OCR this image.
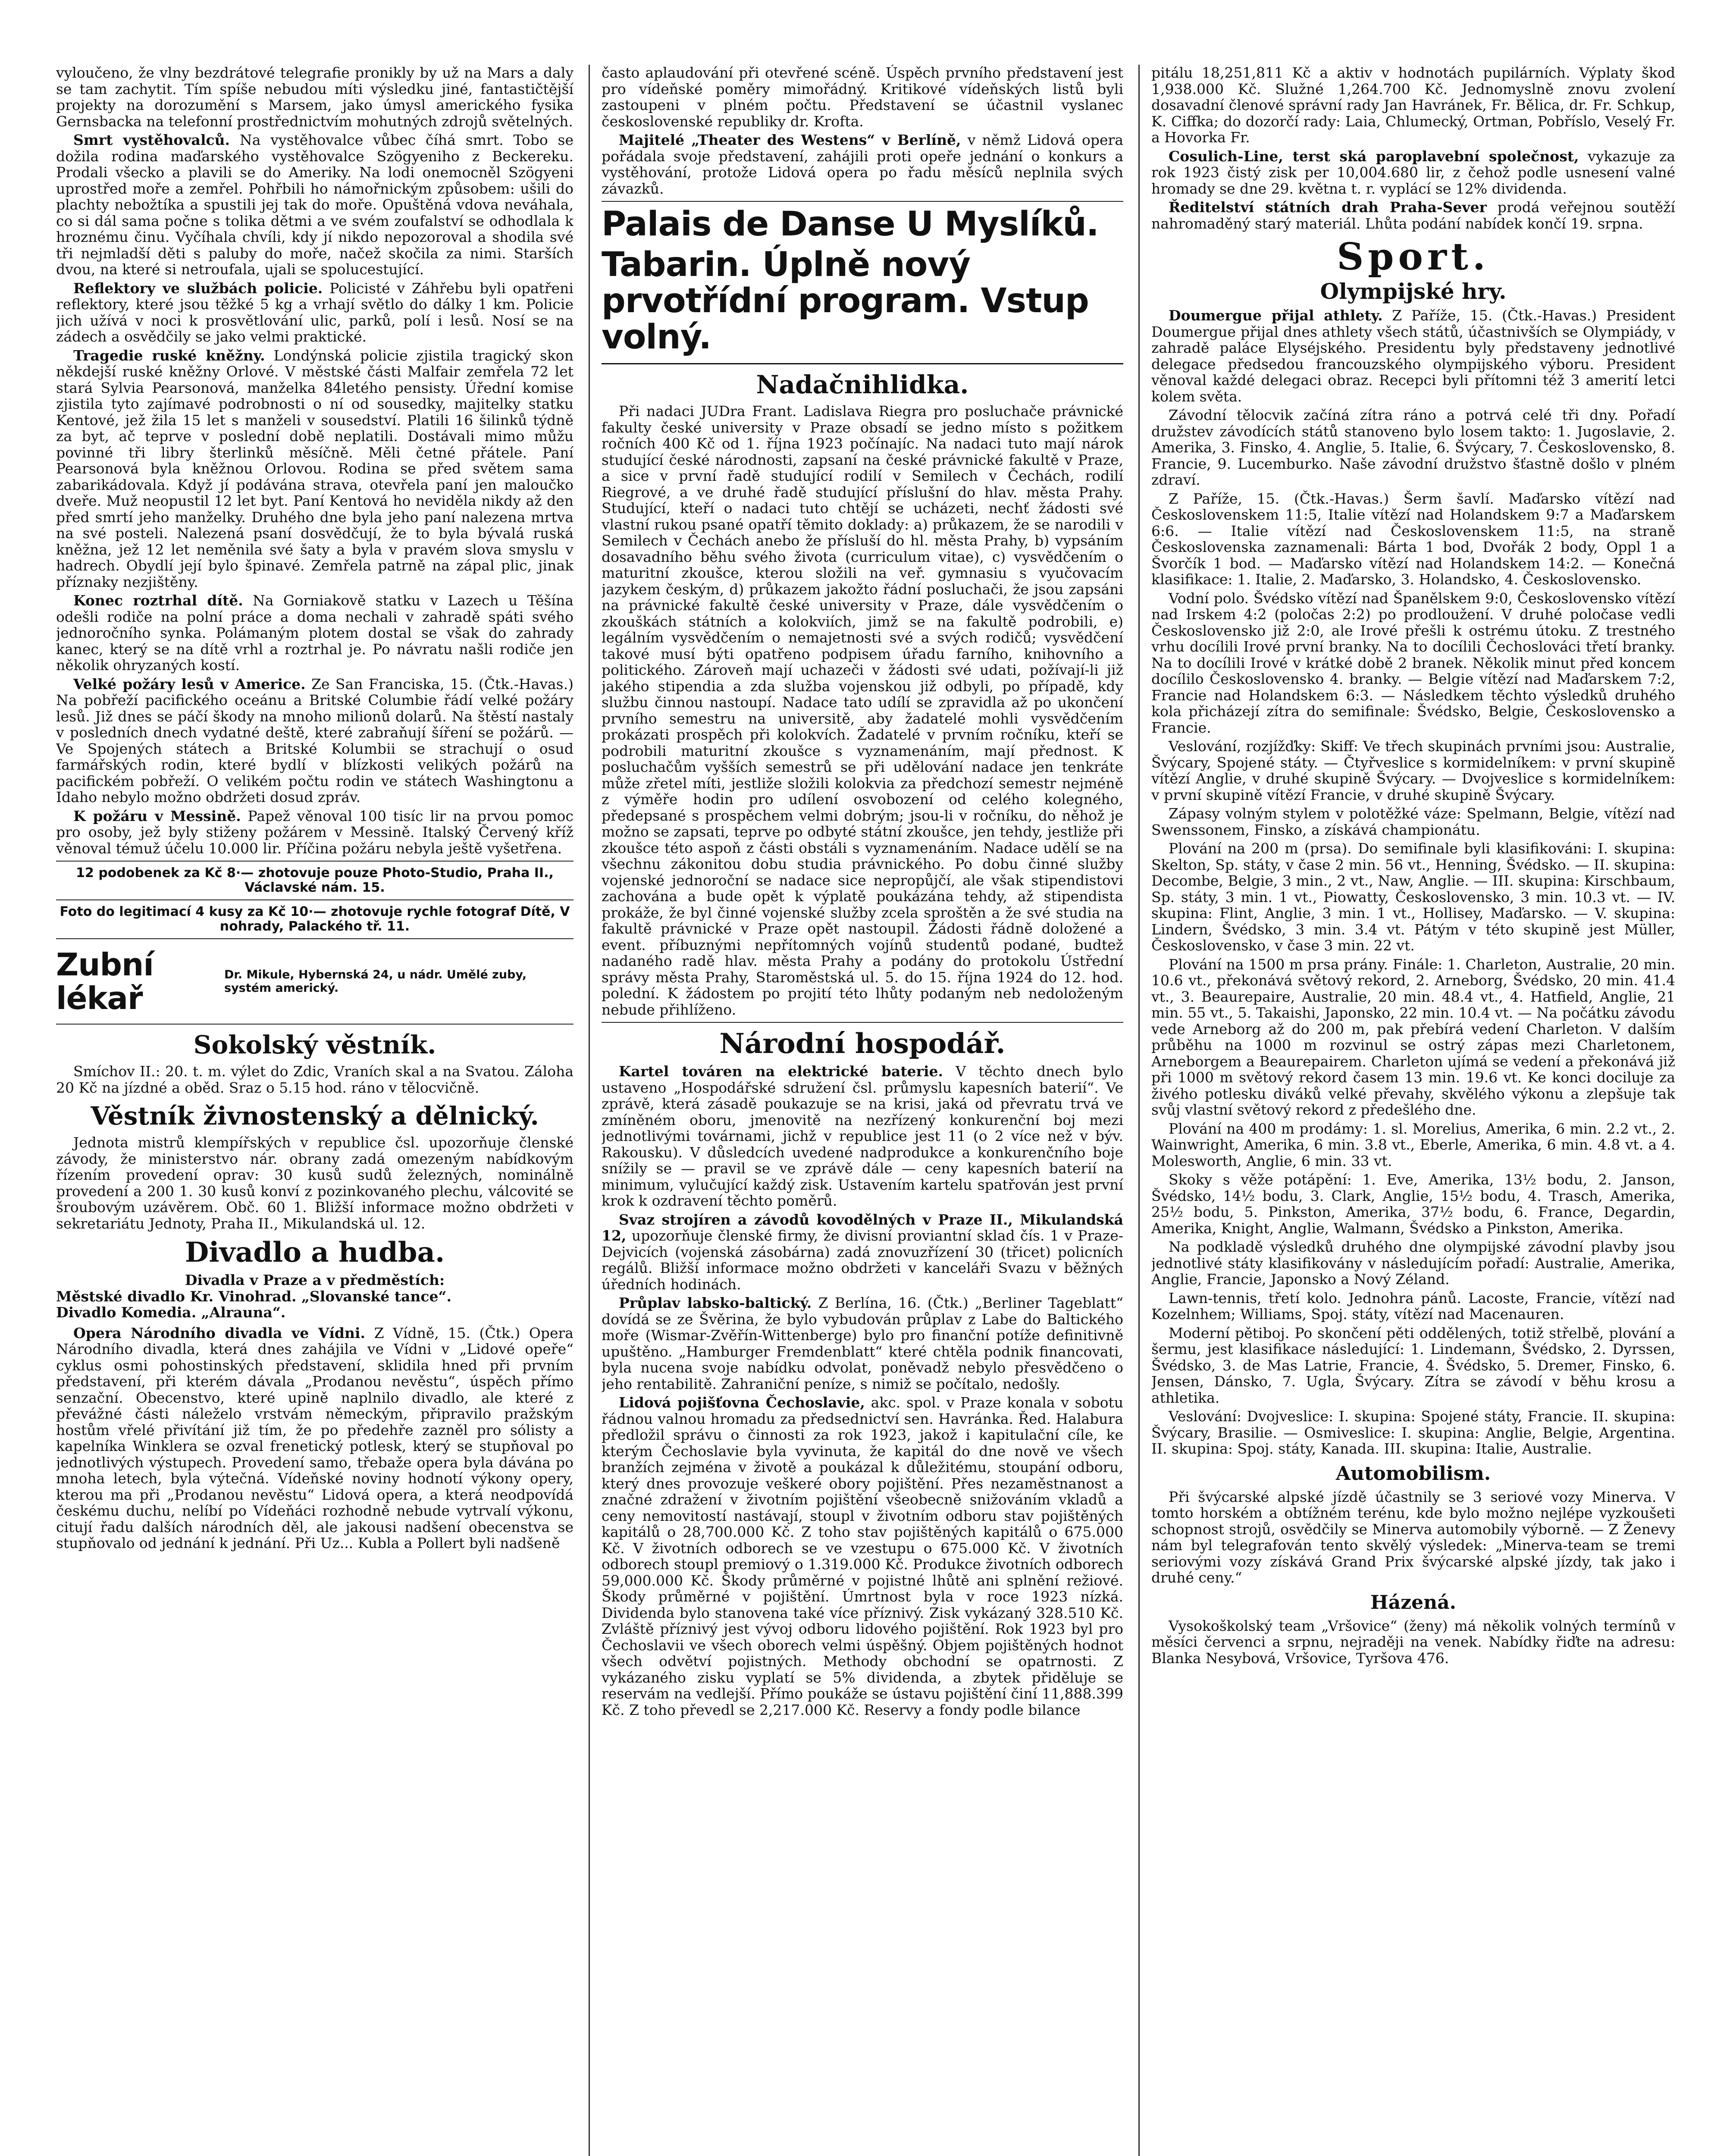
vyloučeno, že vlny bezdrátové telegrafie pronikly by už na Mars a daly se tam zachytit. Tím spíše nebudou míti výsledku jiné, fantastičtější projekty na dorozumění s Marsem, jako úmysl amerického fysika Gernsbacka na telefonní prostřednictvím mohutných zdrojů světelných.

Smrt vystěhovalců. Na vystěhovalce vůbec číhá smrt. Tobo se dožila rodina maďarského vystěhovalce Szögyeniho z Beckereku. Prodali všecko a plavili se do Ameriky. Na lodi onemocněl Szögyeni uprostřed moře a zemřel. Pohřbili ho námořnickým způsobem: ušili do plachty nebožtíka a spustili jej tak do moře. Opuštěná vdova neváhala, co si dál sama počne s tolika dětmi a ve svém zoufalství se odhodlala k hroznému činu. Vyčíhala chvíli, kdy jí nikdo nepozoroval a shodila své tři nejmladší děti s paluby do moře, načež skočila za nimi. Starších dvou, na které si netroufala, ujali se spolucestující.

Reflektory ve službách policie. Policisté v Záhřebu byli opatřeni reflektory, které jsou těžké 5 kg a vrhají světlo do dálky 1 km. Policie jich užívá v noci k prosvětlování ulic, parků, polí i lesů. Nosí se na zádech a osvědčily se jako velmi praktické.

Tragedie ruské kněžny. Londýnská policie zjistila tragický skon někdejší ruské kněžny Orlové. V městské části Malfair zemřela 72 let stará Sylvia Pearsonová, manželka 84letého pensisty. Úřední komise zjistila tyto zajímavé podrobnosti o ní od sousedky, majitelky statku Kentové, jež žila 15 let s manželi v sousedství. Platili 16 šilinků týdně za byt, ač teprve v poslední době neplatili. Dostávali mimo můžu povinné tři libry šterlinků měsíčně. Měli četné přátele. Paní Pearsonová byla kněžnou Orlovou. Rodina se před světem sama zabarikádovala. Když jí podávána strava, otevřela paní jen maloučko dveře. Muž neopustil 12 let byt. Paní Kentová ho neviděla nikdy až den před smrtí jeho manželky. Druhého dne byla jeho paní nalezena mrtva na své posteli. Nalezená psaní dosvědčují, že to byla bývalá ruská kněžna, jež 12 let neměnila své šaty a byla v pravém slova smyslu v hadrech. Obydlí její bylo špinavé. Zemřela patrně na zápal plic, jinak příznaky nezjištěny.

Konec roztrhal dítě. Na Gorniakově statku v Lazech u Těšína odešli rodiče na polní práce a doma nechali v zahradě spáti svého jednoročního synka. Polámaným plotem dostal se však do zahrady kanec, který se na dítě vrhl a roztrhal je. Po návratu našli rodiče jen několik ohryzaných kostí.

Velké požáry lesů v Americe. Ze San Franciska, 15. (Čtk.-Havas.) Na pobřeží pacifického oceánu a Britské Columbie řádí velké požáry lesů. Již dnes se páčí škody na mnoho milionů dolarů. Na štěstí nastaly v posledních dnech vydatné deště, které zabraňují šíření se požárů. — Ve Spojených státech a Britské Kolumbii se strachují o osud farmářských rodin, které bydlí v blízkosti velikých požárů na pacifickém pobřeží. O velikém počtu rodin ve státech Washingtonu a Idaho nebylo možno obdržeti dosud zpráv.

K požáru v Messině. Papež věnoval 100 tisíc lir na prvou pomoc pro osoby, jež byly stiženy požárem v Messině. Italský Červený kříž věnoval témuž účelu 10.000 lir. Příčina požáru nebyla ještě vyšetřena.

12 podobenek za Kč 8·— zhotovuje pouze Photo-Studio, Praha II., Václavské nám. 15.
Foto do legitimací 4 kusy za Kč 10·— zhotovuje rychle fotograf Dítě, V nohrady, Palackého tř. 11.
Zubní lékař
Dr. Mikule, Hybernská 24, u nádr. Umělé zuby, systém americký.
Sokolský věstník.

Smíchov II.: 20. t. m. výlet do Zdic, Vraních skal a na Svatou. Záloha 20 Kč na jízdné a oběd. Sraz o 5.15 hod. ráno v tělocvičně.

Věstník živnostenský a dělnický.

Jednota mistrů klempířských v republice čsl. upozorňuje členské závody, že ministerstvo nár. obrany zadá omezeným nabídkovým řízením provedení oprav: 30 kusů sudů železných, nominálně provedení a 200 1. 30 kusů konví z pozinkovaného plechu, válcovité se šroubovým uzávěrem. Obč. 60 1. Bližší informace možno obdržeti v sekretariátu Jednoty, Praha II., Mikulandská ul. 12.

Divadlo a hudba.
Divadla v Praze a v předměstích:
Městské divadlo Kr. Vinohrad. „Slovanské tance“.
Divadlo Komedia. „Alrauna“.

Opera Národního divadla ve Vídni. Z Vídně, 15. (Čtk.) Opera Národního divadla, která dnes zahájila ve Vídni v „Lidové opeře“ cyklus osmi pohostinských představení, sklidila hned při prvním představení, při kterém dávala „Prodanou nevěstu“, úspěch přímo senzační. Obecenstvo, které upině naplnilo divadlo, ale které z převážné části náleželo vrstvám německým, připravilo pražským hostům vřelé přivítání již tím, že po předehře zazněl pro sólisty a kapelníka Winklera se ozval frenetický potlesk, který se stupňoval po jednotlivých výstupech. Provedení samo, třebaže opera byla dávána po mnoha letech, byla výtečná. Vídeňské noviny hodnotí výkony opery, kterou ma při „Prodanou nevěstu“ Lidová opera, a která neodpovídá českému duchu, nelíbí po Vídeňáci rozhodně nebude vytrvalí výkonu, citují řadu dalších národních děl, ale jakousi nadšení obecenstva se stupňovalo od jednání k jednání. Při Uz... Kubla a Pollert byli nadšeně

často aplaudování při otevřené scéně. Úspěch prvního představení jest pro vídeňské poměry mimořádný. Kritikové vídeňských listů byli zastoupeni v plném počtu. Představení se účastnil vyslanec československé republiky dr. Krofta.

Majitelé „Theater des Westens“ v Berlíně, v němž Lidová opera pořádala svoje představení, zahájili proti opeře jednání o konkurs a vystěhování, protože Lidová opera po řadu měsíců neplnila svých závazků.

Palais de Danse U Myslíků.
Tabarin. Úplně nový prvotřídní program. Vstup volný.
Nadačnihlidka.

Při nadaci JUDra Frant. Ladislava Riegra pro posluchače právnické fakulty české university v Praze obsadí se jedno místo s požitkem ročních 400 Kč od 1. října 1923 počínajíc. Na nadaci tuto mají nárok studující české národnosti, zapsaní na české právnické fakultě v Praze, a sice v první řadě studující rodilí v Semilech v Čechách, rodilí Riegrové, a ve druhé řadě studující příslušní do hlav. města Prahy. Studující, kteří o nadaci tuto chtějí se ucházeti, nechť žádosti své vlastní rukou psané opatří těmito doklady: a) průkazem, že se narodili v Semilech v Čechách anebo že přísluší do hl. města Prahy, b) vypsáním dosavadního běhu svého života (curriculum vitae), c) vysvědčením o maturitní zkoušce, kterou složili na veř. gymnasiu s vyučovacím jazykem českým, d) průkazem jakožto řádní posluchači, že jsou zapsáni na právnické fakultě české university v Praze, dále vysvědčením o zkouškách státních a kolokviích, jimž se na fakultě podrobili, e) legálním vysvědčením o nemajetnosti své a svých rodičů; vysvědčení takové musí býti opatřeno podpisem úřadu farního, knihovního a politického. Zároveň mají uchazeči v žádosti své udati, požívají-li již jakého stipendia a zda služba vojenskou již odbyli, po případě, kdy službu činnou nastoupí. Nadace tato udílí se zpravidla až po ukončení prvního semestru na universitě, aby žadatelé mohli vysvědčením prokázati prospěch při kolokvích. Žadatelé v prvním ročníku, kteří se podrobili maturitní zkoušce s vyznamenáním, mají přednost. K posluchačům vyšších semestrů se při udělování nadace jen tenkráte může zřetel míti, jestliže složili kolokvia za předchozí semestr nejméně z výměře hodin pro udílení osvobození od celého kolegného, předepsané s prospěchem velmi dobrým; jsou-li v ročníku, do něhož je možno se zapsati, teprve po odbyté státní zkoušce, jen tehdy, jestliže při zkoušce této aspoň z části obstáli s vyznamenáním. Nadace udělí se na všechnu zákonitou dobu studia právnického. Po dobu činné služby vojenské jednoroční se nadace sice nepropůjčí, ale však stipendistovi zachována a bude opět k výplatě poukázána tehdy, až stipendista prokáže, že byl činné vojenské služby zcela sproštěn a že své studia na fakultě právnické v Praze opět nastoupil. Žádosti řádně doložené a event. příbuznými nepřítomných vojínů studentů podané, budtež nadaného radě hlav. města Prahy a podány do protokolu Ústřední správy města Prahy, Staroměstská ul. 5. do 15. října 1924 do 12. hod. polední. K žádostem po projití této lhůty podaným neb nedoloženým nebude přihlíženo.

Národní hospodář.

Kartel továren na elektrické baterie. V těchto dnech bylo ustaveno „Hospodářské sdružení čsl. průmyslu kapesních baterií“. Ve zprávě, která zásadě poukazuje se na krisi, jaká od převratu trvá ve zmíněném oboru, jmenovitě na nezřízený konkurenční boj mezi jednotlivými továrnami, jichž v republice jest 11 (o 2 více než v býv. Rakousku). V důsledcích uvedené nadprodukce a konkurenčního boje snížily se — pravil se ve zprávě dále — ceny kapesních baterií na minimum, vylučující každý zisk. Ustavením kartelu spatřován jest první krok k ozdravení těchto poměrů.

Svaz strojíren a závodů kovodělných v Praze II., Mikulandská 12, upozorňuje členské firmy, že divisní proviantní sklad čís. 1 v Praze-Dejvicích (vojenská zásobárna) zadá znovuzřízení 30 (třicet) policních regálů. Bližší informace možno obdržeti v kanceláři Svazu v běžných úředních hodinách.

Průplav labsko-baltický. Z Berlína, 16. (Čtk.) „Berliner Tageblatt“ dovídá se ze Švěrina, že bylo vybudován průplav z Labe do Baltického moře (Wismar-Zvěřín-Wittenberge) bylo pro finanční potíže definitivně upuštěno. „Hamburger Fremdenblatt“ které chtěla podnik financovati, byla nucena svoje nabídku odvolat, poněvadž nebylo přesvědčeno o jeho rentabilitě. Zahraniční peníze, s nimiž se počítalo, nedošly.

Lidová pojišťovna Čechoslavie, akc. spol. v Praze konala v sobotu řádnou valnou hromadu za předsednictví sen. Havránka. Řed. Halabura předložil správu o činnosti za rok 1923, jakož i kapitulační cíle, ke kterým Čechoslavie byla vyvinuta, že kapitál do dne nově ve všech branžích zejména v životě a poukázal k důležitému, stoupání odboru, který dnes provozuje veškeré obory pojištění. Přes nezaměstnanost a značné zdražení v životním pojištění všeobecně snižováním vkladů a ceny nemovitostí nastávají, stoupl v životním odboru stav pojištěných kapitálů o 28,700.000 Kč. Z toho stav pojištěných kapitálů o 675.000 Kč. V životních odborech se ve vzestupu o 675.000 Kč. V životních odborech stoupl premiový o 1.319.000 Kč. Produkce životních odborech 59,000.000 Kč. Škody průměrné v pojistné lhůtě ani splnění režiové. Škody průměrné v pojištění. Úmrtnost byla v roce 1923 nízká. Dividenda bylo stanovena také více příznivý. Zisk vykázaný 328.510 Kč. Zvláště příznivý jest vývoj odboru lidového pojištění. Rok 1923 byl pro Čechoslavii ve všech oborech velmi úspěšný. Objem pojištěných hodnot všech odvětví pojistných. Methody obchodní se opatrnosti. Z vykázaného zisku vyplatí se 5% dividenda, a zbytek přiděluje se reservám na vedlejší. Přímo poukáže se ústavu pojištění činí 11,888.399 Kč. Z toho převedl se 2,217.000 Kč. Reservy a fondy podle bilance

pitálu 18,251,811 Kč a aktiv v hodnotách pupilárních. Výplaty škod 1,938.000 Kč. Služné 1,264.700 Kč. Jednomyslně znovu zvolení dosavadní členové správní rady Jan Havránek, Fr. Bělica, dr. Fr. Schkup, K. Ciffka; do dozorčí rady: Laia, Chlumecký, Ortman, Pobříslo, Veselý Fr. a Hovorka Fr.

Cosulich-Line, terst ská paroplavební společnost, vykazuje za rok 1923 čistý zisk per 10,004.680 lir, z čehož podle usnesení valné hromady se dne 29. května t. r. vyplácí se 12% dividenda.

Ředitelství státních drah Praha-Sever prodá veřejnou soutěží nahromaděný starý materiál. Lhůta podání nabídek končí 19. srpna.

Sport.
Olympijské hry.

Doumergue přijal athlety. Z Paříže, 15. (Čtk.-Havas.) President Doumergue přijal dnes athlety všech států, účastnivších se Olympiády, v zahradě paláce Elyséjského. Presidentu byly představeny jednotlivé delegace předsedou francouzského olympijského výboru. President věnoval každé delegaci obraz. Recepci byli přítomni též 3 amerití letci kolem světa.

Závodní tělocvik začíná zítra ráno a potrvá celé tři dny. Pořadí družstev závodících států stanoveno bylo losem takto: 1. Jugoslavie, 2. Amerika, 3. Finsko, 4. Anglie, 5. Italie, 6. Švýcary, 7. Československo, 8. Francie, 9. Lucemburko. Naše závodní družstvo šťastně došlo v plném zdraví.

Z Paříže, 15. (Čtk.-Havas.) Šerm šavlí. Maďarsko vítězí nad Československem 11:5, Italie vítězí nad Holandskem 9:7 a Maďarskem 6:6. — Italie vítězí nad Československem 11:5, na straně Československa zaznamenali: Bárta 1 bod, Dvořák 2 body, Oppl 1 a Švorčík 1 bod. — Maďarsko vítězí nad Holandskem 14:2. — Konečná klasifikace: 1. Italie, 2. Maďarsko, 3. Holandsko, 4. Československo.

Vodní polo. Švédsko vítězí nad Španělskem 9:0, Československo vítězí nad Irskem 4:2 (poločas 2:2) po prodloužení. V druhé poločase vedli Československo již 2:0, ale Irové přešli k ostrému útoku. Z trestného vrhu docílili Irové první branky. Na to docílili Čechoslováci třetí branky. Na to docílili Irové v krátké době 2 branek. Několik minut před koncem docílilo Československo 4. branky. — Belgie vítězí nad Maďarskem 7:2, Francie nad Holandskem 6:3. — Následkem těchto výsledků druhého kola přicházejí zítra do semifinale: Švédsko, Belgie, Československo a Francie.

Veslování, rozjížďky: Skiff: Ve třech skupinách prvními jsou: Australie, Švýcary, Spojené státy. — Čtyřveslice s kormidelníkem: v první skupině vítězí Anglie, v druhé skupině Švýcary. — Dvojveslice s kormidelníkem: v první skupině vítězí Francie, v druhé skupině Švýcary.

Zápasy volným stylem v polotěžké váze: Spelmann, Belgie, vítězí nad Swenssonem, Finsko, a získává championátu.

Plování na 200 m (prsa). Do semifinale byli klasifikováni: I. skupina: Skelton, Sp. státy, v čase 2 min. 56 vt., Henning, Švédsko. — II. skupina: Decombe, Belgie, 3 min., 2 vt., Naw, Anglie. — III. skupina: Kirschbaum, Sp. státy, 3 min. 1 vt., Piowatty, Československo, 3 min. 10.3 vt. — IV. skupina: Flint, Anglie, 3 min. 1 vt., Hollisey, Maďarsko. — V. skupina: Lindern, Švédsko, 3 min. 3.4 vt. Pátým v této skupině jest Müller, Československo, v čase 3 min. 22 vt.

Plování na 1500 m prsa prány. Finále: 1. Charleton, Australie, 20 min. 10.6 vt., překonává světový rekord, 2. Arneborg, Švédsko, 20 min. 41.4 vt., 3. Beaurepaire, Australie, 20 min. 48.4 vt., 4. Hatfield, Anglie, 21 min. 55 vt., 5. Takaishi, Japonsko, 22 min. 10.4 vt. — Na počátku závodu vede Arneborg až do 200 m, pak přebírá vedení Charleton. V dalším průběhu na 1000 m rozvinul se ostrý zápas mezi Charletonem, Arneborgem a Beaurepairem. Charleton ujímá se vedení a překonává již při 1000 m světový rekord časem 13 min. 19.6 vt. Ke konci dociluje za živého potlesku diváků velké převahy, skvělého výkonu a zlepšuje tak svůj vlastní světový rekord z předešlého dne.

Plování na 400 m prodámy: 1. sl. Morelius, Amerika, 6 min. 2.2 vt., 2. Wainwright, Amerika, 6 min. 3.8 vt., Eberle, Amerika, 6 min. 4.8 vt. a 4. Molesworth, Anglie, 6 min. 33 vt.

Skoky s věže potápění: 1. Eve, Amerika, 13½ bodu, 2. Janson, Švédsko, 14½ bodu, 3. Clark, Anglie, 15½ bodu, 4. Trasch, Amerika, 25½ bodu, 5. Pinkston, Amerika, 37½ bodu, 6. France, Degardin, Amerika, Knight, Anglie, Walmann, Švédsko a Pinkston, Amerika.

Na podkladě výsledků druhého dne olympijské závodní plavby jsou jednotlivé státy klasifikovány v následujícím pořadí: Australie, Amerika, Anglie, Francie, Japonsko a Nový Zéland.

Lawn-tennis, třetí kolo. Jednohra pánů. Lacoste, Francie, vítězí nad Kozelnhem; Williams, Spoj. státy, vítězí nad Macenauren.

Moderní pětiboj. Po skončení pěti oddělených, totiž střelbě, plování a šermu, jest klasifikace následující: 1. Lindemann, Švédsko, 2. Dyrssen, Švédsko, 3. de Mas Latrie, Francie, 4. Švédsko, 5. Dremer, Finsko, 6. Jensen, Dánsko, 7. Ugla, Švýcary. Zítra se závodí v běhu krosu a athletika.

Veslování: Dvojveslice: I. skupina: Spojené státy, Francie. II. skupina: Švýcary, Brasilie. — Osmiveslice: I. skupina: Anglie, Belgie, Argentina. II. skupina: Spoj. státy, Kanada. III. skupina: Italie, Australie.

Automobilism.

Při švýcarské alpské jízdě účastnily se 3 seriové vozy Minerva. V tomto horském a obtížném terénu, kde bylo možno nejlépe vyzkoušeti schopnost strojů, osvědčily se Minerva automobily výborně. — Z Ženevy nám byl telegrafován tento skvělý výsledek: „Minerva-team se tremi seriovými vozy získává Grand Prix švýcarské alpské jízdy, tak jako i druhé ceny.“

Házená.

Vysokoškolský team „Vršovice“ (ženy) má několik volných termínů v měsíci červenci a srpnu, nejraději na venek. Nabídky řiďte na adresu: Blanka Nesybová, Vršovice, Tyršova 476.
